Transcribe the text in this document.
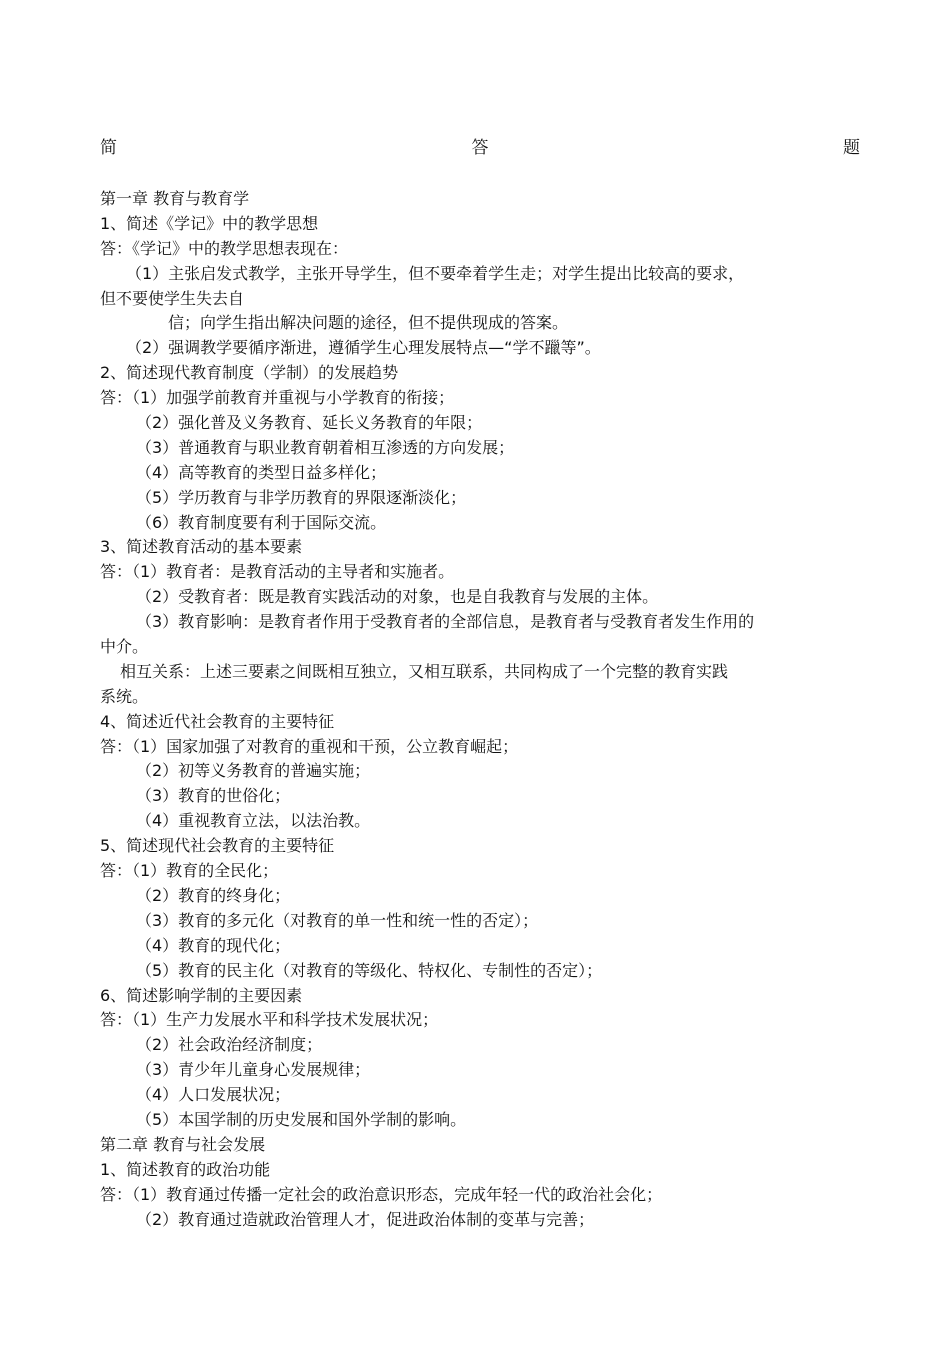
简	答	题
第一章 教育与教育学
1、简述《学记》中的教学思想
答：《学记》中的教学思想表现在：
（1）主张启发式教学，主张开导学生，但不要牵着学生走；对学生提出比较高的要求，
但不要使学生失去自
信；向学生指出解决问题的途径，但不提供现成的答案。
（2）强调教学要循序渐进，遵循学生心理发展特点—“学不躐等”。
2、简述现代教育制度（学制）的发展趋势
答：（1）加强学前教育并重视与小学教育的衔接；
（2）强化普及义务教育、延长义务教育的年限；
（3）普通教育与职业教育朝着相互渗透的方向发展；
（4）高等教育的类型日益多样化；
（5）学历教育与非学历教育的界限逐渐淡化；
（6）教育制度要有利于国际交流。
3、简述教育活动的基本要素
答：（1）教育者：是教育活动的主导者和实施者。
（2）受教育者：既是教育实践活动的对象，也是自我教育与发展的主体。
（3）教育影响：是教育者作用于受教育者的全部信息，是教育者与受教育者发生作用的
中介。
相互关系：上述三要素之间既相互独立，又相互联系，共同构成了一个完整的教育实践
系统。
4、简述近代社会教育的主要特征
答：（1）国家加强了对教育的重视和干预，公立教育崛起；
（2）初等义务教育的普遍实施；
（3）教育的世俗化；
（4）重视教育立法，以法治教。
5、简述现代社会教育的主要特征
答：（1）教育的全民化；
（2）教育的终身化；
（3）教育的多元化（对教育的单一性和统一性的否定）；
（4）教育的现代化；
（5）教育的民主化（对教育的等级化、特权化、专制性的否定）；
6、简述影响学制的主要因素
答：（1）生产力发展水平和科学技术发展状况；
（2）社会政治经济制度；
（3）青少年儿童身心发展规律；
（4）人口发展状况；
（5）本国学制的历史发展和国外学制的影响。
第二章 教育与社会发展
1、简述教育的政治功能
答：（1）教育通过传播一定社会的政治意识形态，完成年轻一代的政治社会化；
（2）教育通过造就政治管理人才，促进政治体制的变革与完善；
